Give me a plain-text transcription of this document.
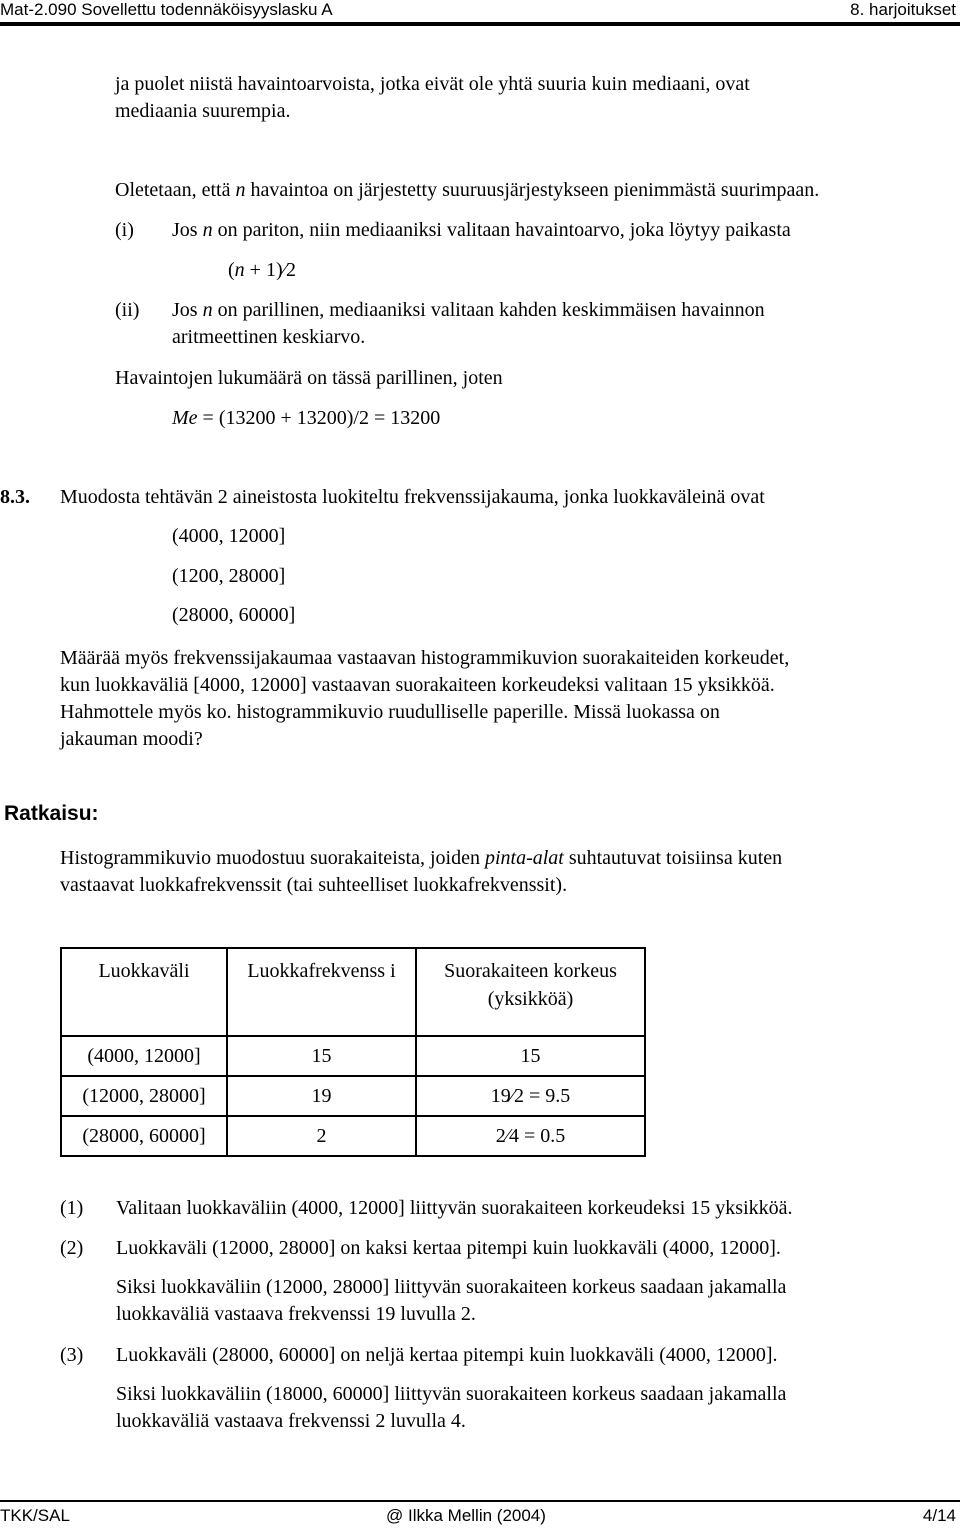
Mat-2.090 Sovellettu todennäköisyyslasku A	8. harjoitukset
ja puolet niistä havaintoarvoista, jotka eivät ole yhtä suuria kuin mediaani, ovat
mediaania suurempia.
Oletetaan, että n havaintoa on järjestetty suuruusjärjestykseen pienimmästä suurimpaan.
(i) Jos n on pariton, niin mediaaniksi valitaan havaintoarvo, joka löytyy paikasta
(n + 1)⁄2
(ii) Jos n on parillinen, mediaaniksi valitaan kahden keskimmäisen havainnon
aritmeettinen keskiarvo.
Havaintojen lukumäärä on tässä parillinen, joten
Me = (13200 + 13200)/2 = 13200
8.3. Muodosta tehtävän 2 aineistosta luokiteltu frekvenssijakauma, jonka luokkaväleinä ovat
(4000, 12000]
(1200, 28000]
(28000, 60000]
Määrää myös frekvenssijakaumaa vastaavan histogrammikuvion suorakaiteiden korkeudet,
kun luokkaväliä [4000, 12000] vastaavan suorakaiteen korkeudeksi valitaan 15 yksikköä.
Hahmottele myös ko. histogrammikuvio ruudulliselle paperille. Missä luokassa on
jakauman moodi?
Ratkaisu:
Histogrammikuvio muodostuu suorakaiteista, joiden pinta-alat suhtautuvat toisiinsa kuten
vastaavat luokkafrekvenssit (tai suhteelliset luokkafrekvenssit).
Luokkaväli	Luokkafrekvenss i	Suorakaiteen korkeus (yksikköä)
(4000, 12000]	15	15
(12000, 28000]	19	19⁄2 = 9.5
(28000, 60000]	2	2⁄4 = 0.5
(1) Valitaan luokkaväliin (4000, 12000] liittyvän suorakaiteen korkeudeksi 15 yksikköä.
(2) Luokkaväli (12000, 28000] on kaksi kertaa pitempi kuin luokkaväli (4000, 12000].
Siksi luokkaväliin (12000, 28000] liittyvän suorakaiteen korkeus saadaan jakamalla
luokkaväliä vastaava frekvenssi 19 luvulla 2.
(3) Luokkaväli (28000, 60000] on neljä kertaa pitempi kuin luokkaväli (4000, 12000].
Siksi luokkaväliin (18000, 60000] liittyvän suorakaiteen korkeus saadaan jakamalla
luokkaväliä vastaava frekvenssi 2 luvulla 4.
TKK/SAL	@ Ilkka Mellin (2004)	4/14
